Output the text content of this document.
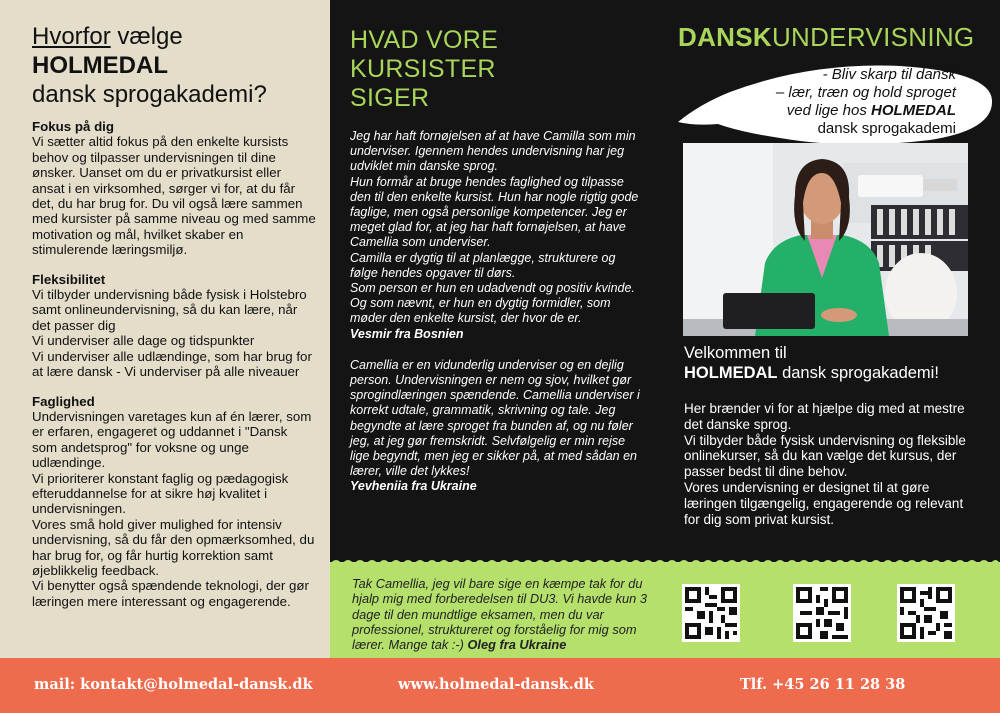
Hvorfor vælge
HOLMEDAL
dansk sprogakademi?
Fokus på dig

Vi sætter altid fokus på den enkelte kursists behov og tilpasser undervisningen til dine ønsker. Uanset om du er privatkursist eller ansat i en virksomhed, sørger vi for, at du får det, du har brug for. Du vil også lære sammen med kursister på samme niveau og med samme motivation og mål, hvilket skaber en stimulerende læringsmiljø.

Fleksibilitet

Vi tilbyder undervisning både fysisk i Holstebro samt onlineundervisning, så du kan lære, når det passer dig

Vi underviser alle dage og tidspunkter

Vi underviser alle udlændinge, som har brug for at lære dansk - Vi underviser på alle niveauer

Faglighed

Undervisningen varetages kun af én lærer, som er erfaren, engageret og uddannet i "Dansk som andetsprog" for voksne og unge udlændinge.

Vi prioriterer konstant faglig og pædagogisk efteruddannelse for at sikre høj kvalitet i undervisningen.

Vores små hold giver mulighed for intensiv undervisning, så du får den opmærksomhed, du har brug for, og får hurtig korrektion samt øjeblikkelig feedback.

Vi benytter også spændende teknologi, der gør læringen mere interessant og engagerende.

HVAD VORE KURSISTER
SIGER

Jeg har haft fornøjelsen af at have Camilla som min underviser. Igennem hendes undervisning har jeg udviklet min danske sprog.

Hun formår at bruge hendes faglighed og tilpasse den til den enkelte kursist. Hun har nogle rigtig gode faglige, men også personlige kompetencer. Jeg er meget glad for, at jeg har haft fornøjelsen, at have Camellia som underviser.

Camilla er dygtig til at planlægge, strukturere og følge hendes opgaver til dørs.

Som person er hun en udadvendt og positiv kvinde. Og som nævnt, er hun en dygtig formidler, som møder den enkelte kursist, der hvor de er.

Vesmir fra Bosnien

Camellia er en vidunderlig underviser og en dejlig person. Undervisningen er nem og sjov, hvilket gør sprogindlæringen spændende. Camellia underviser i korrekt udtale, grammatik, skrivning og tale. Jeg begyndte at lære sproget fra bunden af, og nu føler jeg, at jeg gør fremskridt. Selvfølgelig er min rejse lige begyndt, men jeg er sikker på, at med sådan en lærer, ville det lykkes!

Yevheniia fra Ukraine

DANSKUNDERVISNING
- Bliv skarp til dansk
– lær, træn og hold sproget
ved lige hos HOLMEDAL
dansk sprogakademi
Velkommen til
HOLMEDAL dansk sprogakademi!

Her brænder vi for at hjælpe dig med at mestre det danske sprog.

Vi tilbyder både fysisk undervisning og fleksible onlinekurser, så du kan vælge det kursus, der passer bedst til dine behov.

Vores undervisning er designet til at gøre læringen tilgængelig, engagerende og relevant for dig som privat kursist.

Tak Camellia, jeg vil bare sige en kæmpe tak for du hjalp mig med forberedelsen til DU3. Vi havde kun 3 dage til den mundtlige eksamen, men du var professionel, struktureret og forståelig for mig som lærer. Mange tak :-) Oleg fra Ukraine
mail: kontakt@holmedal-dansk.dk	www.holmedal-dansk.dk	Tlf. +45 26 11 28 38
